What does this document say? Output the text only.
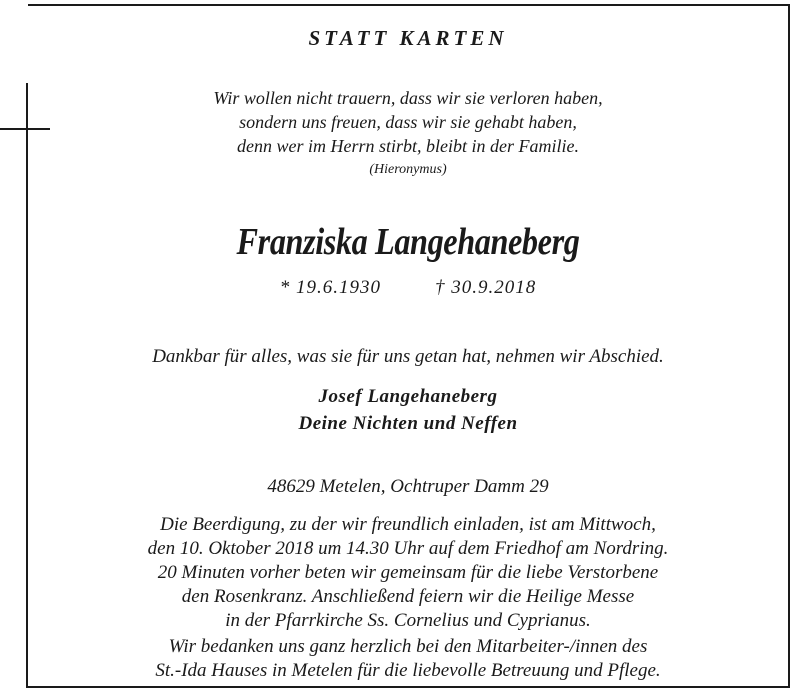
STATT KARTEN
Wir wollen nicht trauern, dass wir sie verloren haben,
sondern uns freuen, dass wir sie gehabt haben,
denn wer im Herrn stirbt, bleibt in der Familie.
(Hieronymus)
Franziska Langehaneberg
* 19.6.1930	† 30.9.2018
Dankbar für alles, was sie für uns getan hat, nehmen wir Abschied.
Josef Langehaneberg
Deine Nichten und Neffen
48629 Metelen, Ochtruper Damm 29
Die Beerdigung, zu der wir freundlich einladen, ist am Mittwoch,
den 10. Oktober 2018 um 14.30 Uhr auf dem Friedhof am Nordring.
20 Minuten vorher beten wir gemeinsam für die liebe Verstorbene
den Rosenkranz. Anschließend feiern wir die Heilige Messe
in der Pfarrkirche Ss. Cornelius und Cyprianus.
Wir bedanken uns ganz herzlich bei den Mitarbeiter-/innen des
St.-Ida Hauses in Metelen für die liebevolle Betreuung und Pflege.
